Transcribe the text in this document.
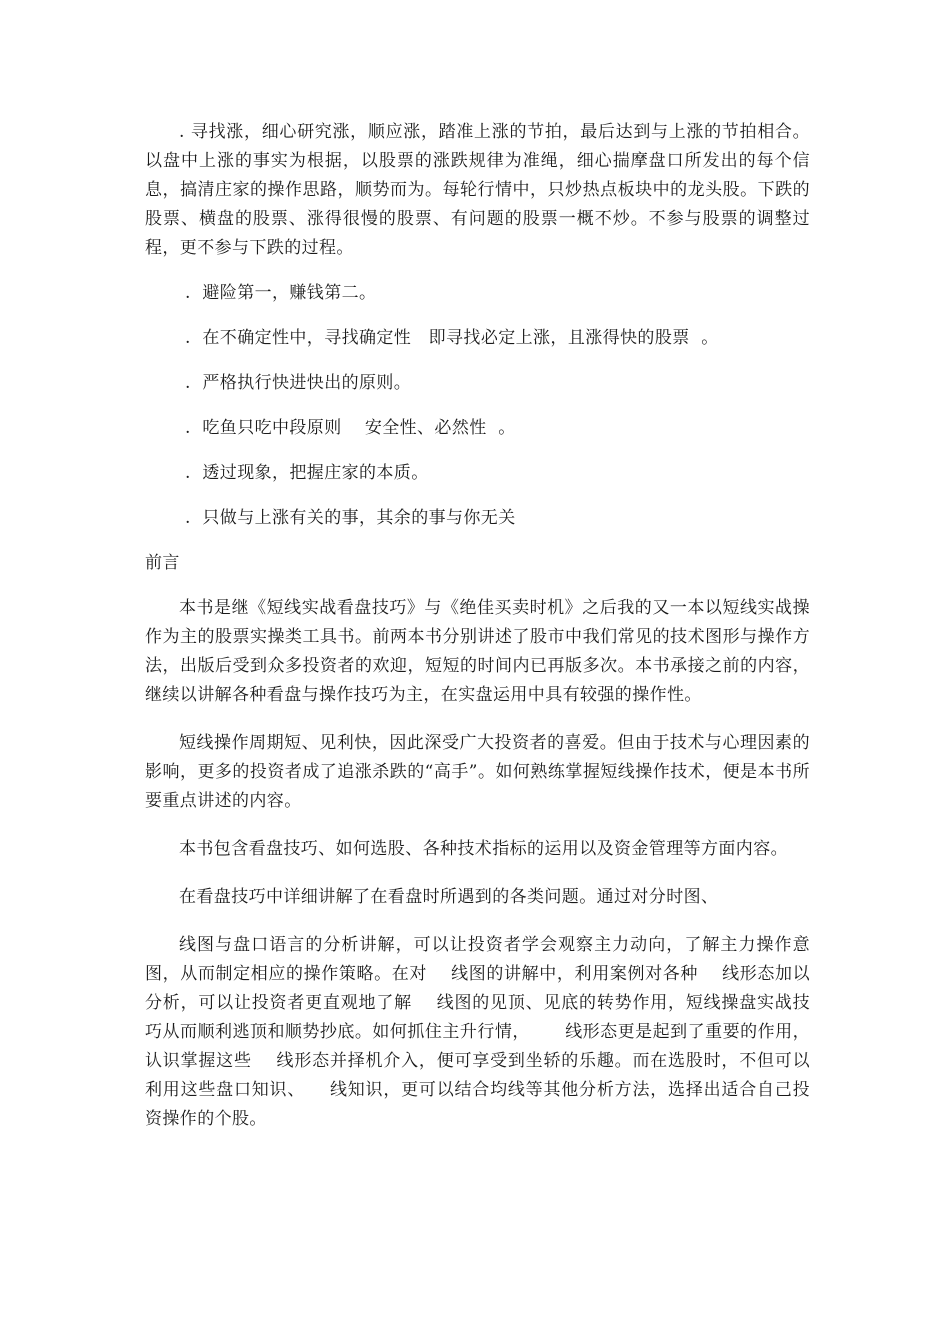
. 寻找涨，细心研究涨，顺应涨，踏准上涨的节拍，最后达到与上涨的节拍相合。以盘中上涨的事实为根据，以股票的涨跌规律为准绳，细心揣摩盘口所发出的每个信息，搞清庄家的操作思路，顺势而为。每轮行情中，只炒热点板块中的龙头股。下跌的股票、横盘的股票、涨得很慢的股票、有问题的股票一概不炒。不参与股票的调整过程，更不参与下跌的过程。

.  避险第一，赚钱第二。

.  在不确定性中，寻找确定性   即寻找必定上涨，且涨得快的股票  。

.  严格执行快进快出的原则。

.  吃鱼只吃中段原则    安全性、必然性  。

.  透过现象，把握庄家的本质。

.  只做与上涨有关的事，其余的事与你无关

前言

本书是继《短线实战看盘技巧》与《绝佳买卖时机》之后我的又一本以短线实战操作为主的股票实操类工具书。前两本书分别讲述了股市中我们常见的技术图形与操作方法，出版后受到众多投资者的欢迎，短短的时间内已再版多次。本书承接之前的内容，继续以讲解各种看盘与操作技巧为主，在实盘运用中具有较强的操作性。

短线操作周期短、见利快，因此深受广大投资者的喜爱。但由于技术与心理因素的影响，更多的投资者成了追涨杀跌的“高手”。如何熟练掌握短线操作技术，便是本书所要重点讲述的内容。

本书包含看盘技巧、如何选股、各种技术指标的运用以及资金管理等方面内容。

在看盘技巧中详细讲解了在看盘时所遇到的各类问题。通过对分时图、

线图与盘口语言的分析讲解，可以让投资者学会观察主力动向，了解主力操作意图，从而制定相应的操作策略。在对    线图的讲解中，利用案例对各种    线形态加以分析，可以让投资者更直观地了解    线图的见顶、见底的转势作用，短线操盘实战技巧从而顺利逃顶和顺势抄底。如何抓住主升行情，      线形态更是起到了重要的作用，认识掌握这些    线形态并择机介入，便可享受到坐轿的乐趣。而在选股时，不但可以利用这些盘口知识、    线知识，更可以结合均线等其他分析方法，选择出适合自己投资操作的个股。
